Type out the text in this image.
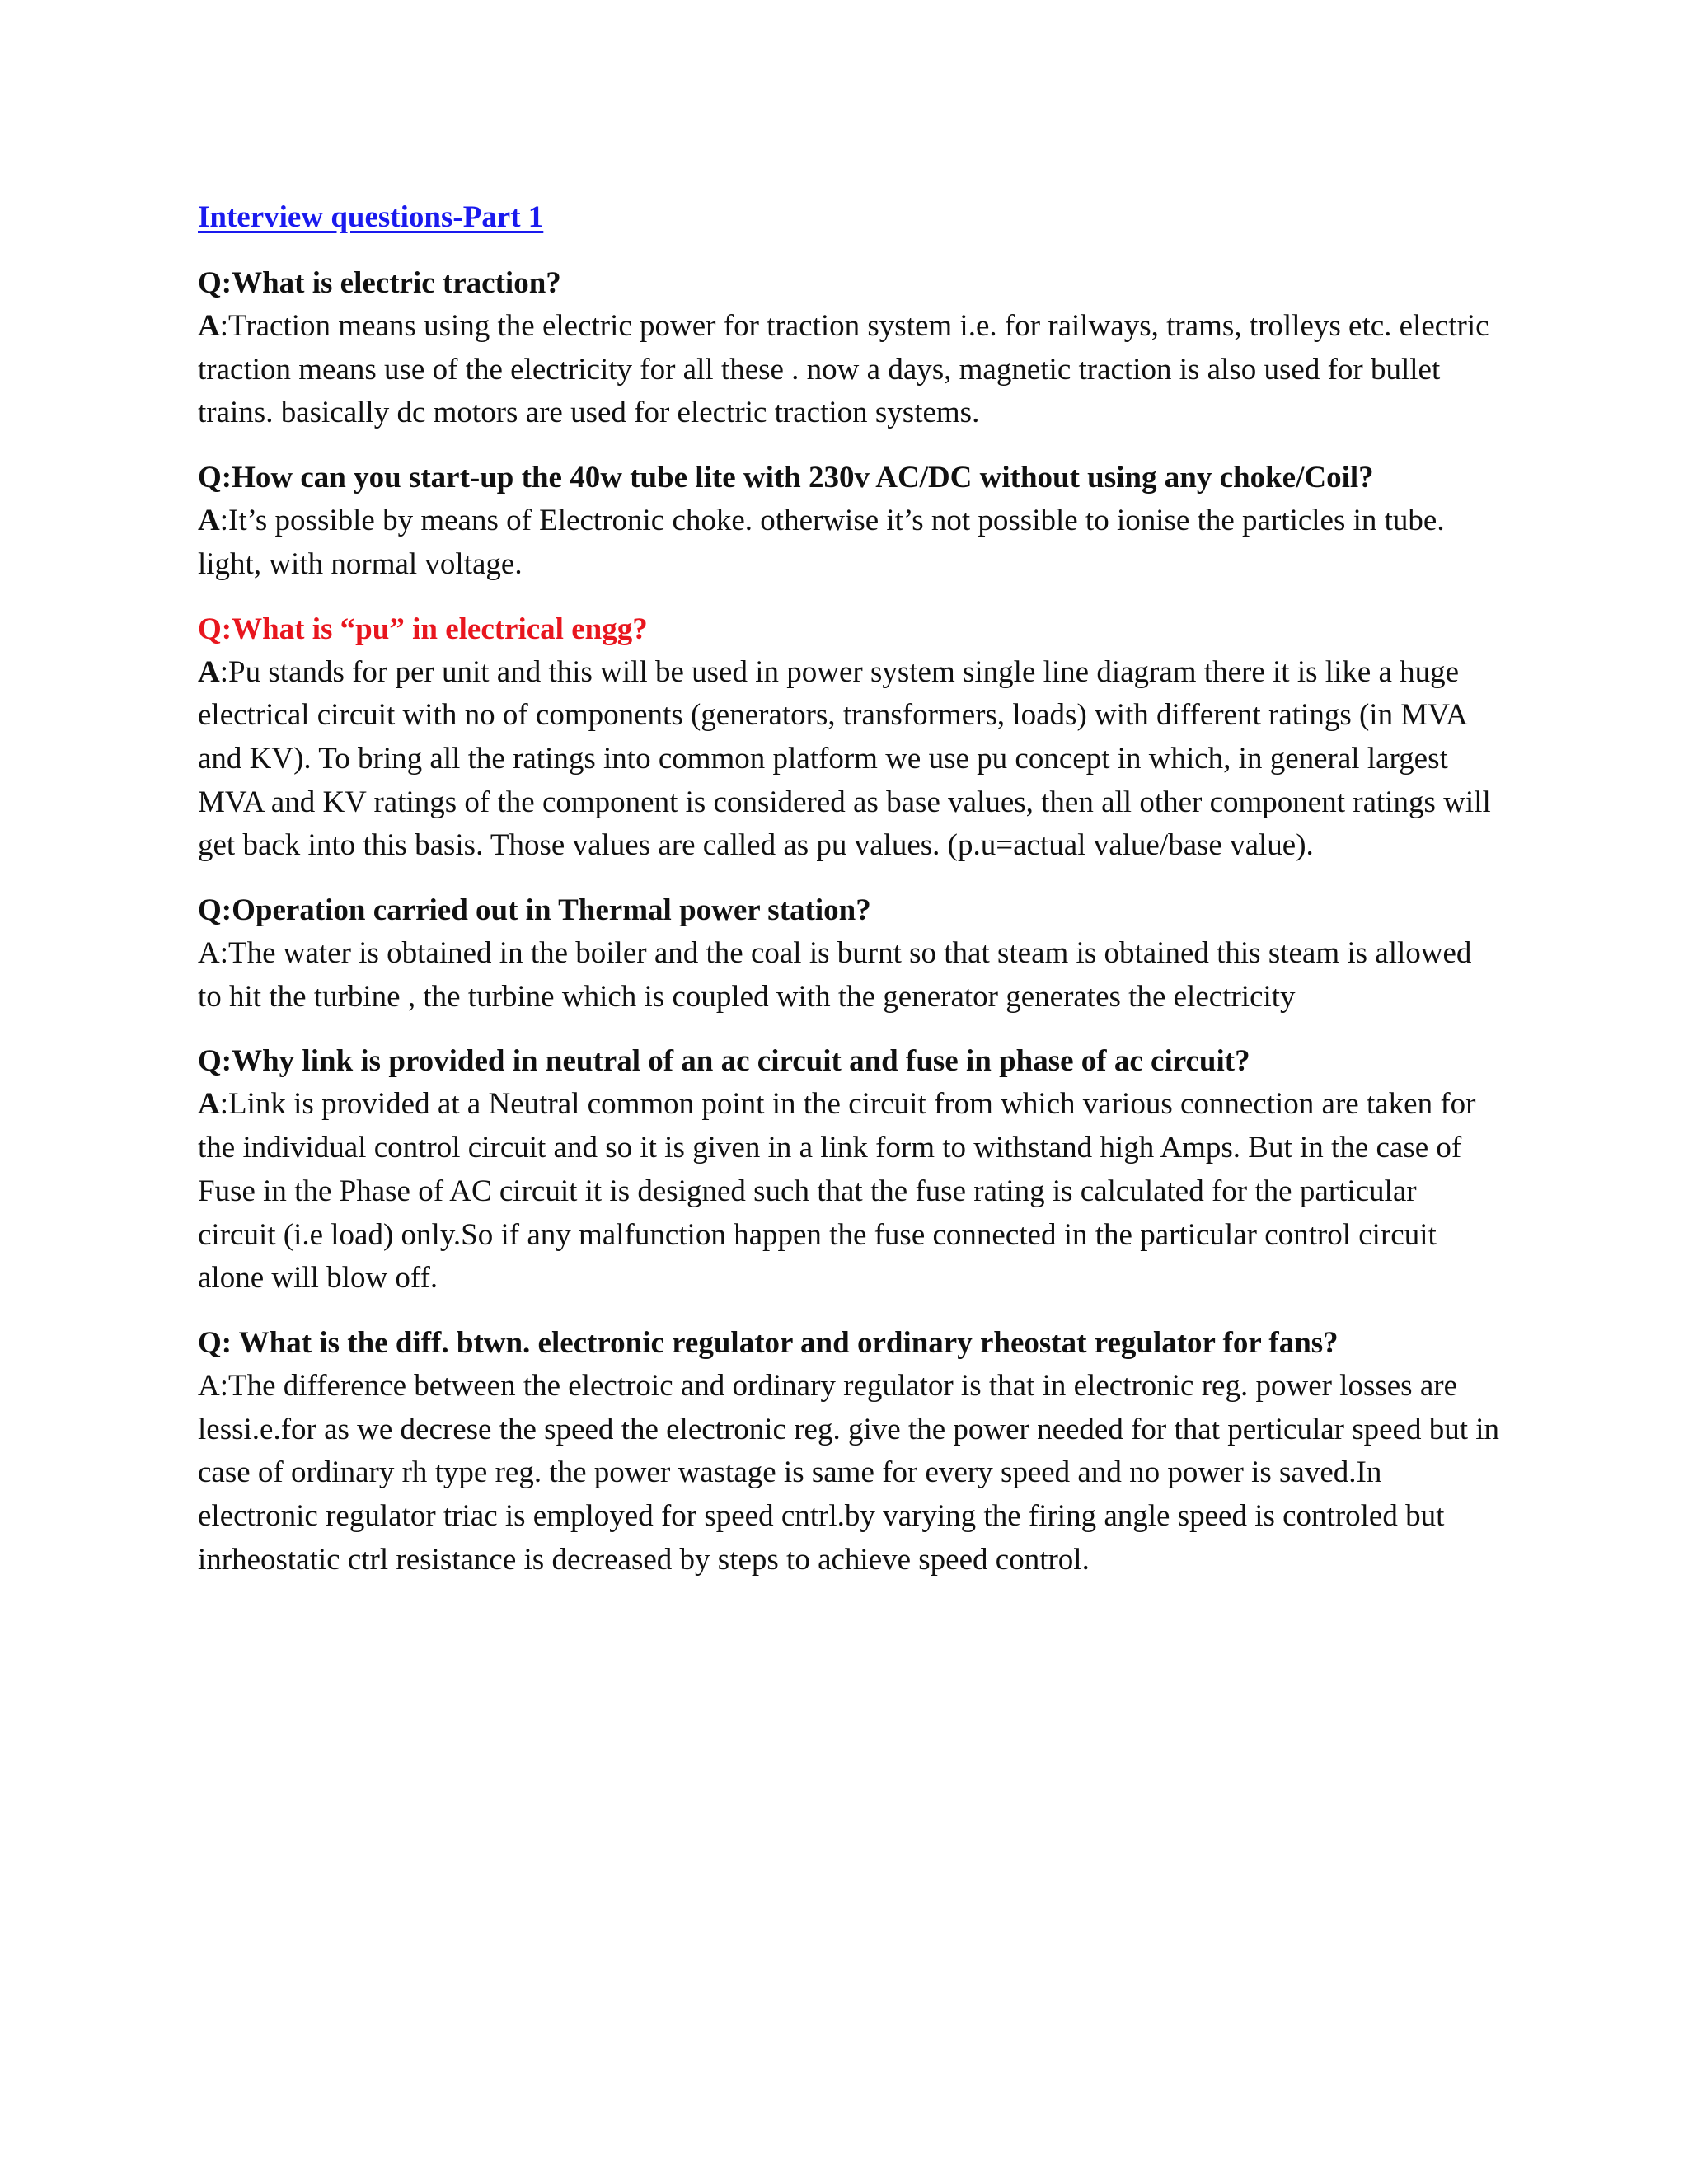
Interview questions-Part 1

Q:What is electric traction?

A:Traction means using the electric power for traction system i.e. for railways, trams, trolleys etc. electric traction means use of the electricity for all these . now a days, magnetic traction is also used for bullet trains. basically dc motors are used for electric traction systems.

Q:How can you start-up the 40w tube lite with 230v AC/DC without using any choke/Coil?

A:It’s possible by means of Electronic choke. otherwise it’s not possible to ionise the particles in tube. light, with normal voltage.

Q:What is “pu” in electrical engg?

A:Pu stands for per unit and this will be used in power system single line diagram there it is like a huge electrical circuit with no of components (generators, transformers, loads) with different ratings (in MVA and KV). To bring all the ratings into common platform we use pu concept in which, in general largest MVA and KV ratings of the component is considered as base values, then all other component ratings will get back into this basis. Those values are called as pu values. (p.u=actual value/base value).

Q:Operation carried out in Thermal power station?

A:The water is obtained in the boiler and the coal is burnt so that steam is obtained this steam is allowed to hit the turbine , the turbine which is coupled with the generator generates the electricity

Q:Why link is provided in neutral of an ac circuit and fuse in phase of ac circuit?

A:Link is provided at a Neutral common point in the circuit from which various connection are taken for the individual control circuit and so it is given in a link form to withstand high Amps. But in the case of Fuse in the Phase of AC circuit it is designed such that the fuse rating is calculated for the particular circuit (i.e load) only.So if any malfunction happen the fuse connected in the particular control circuit alone will blow off.

Q: What is the diff. btwn. electronic regulator and ordinary rheostat regulator for fans?

A:The difference between the electroic and ordinary regulator is that in electronic reg. power losses are lessi.e.for as we decrese the speed the electronic reg. give the power needed for that perticular speed but in case of ordinary rh type reg. the power wastage is same for every speed and no power is saved.In electronic regulator triac is employed for speed cntrl.by varying the firing angle speed is controled but inrheostatic ctrl resistance is decreased by steps to achieve speed control.
